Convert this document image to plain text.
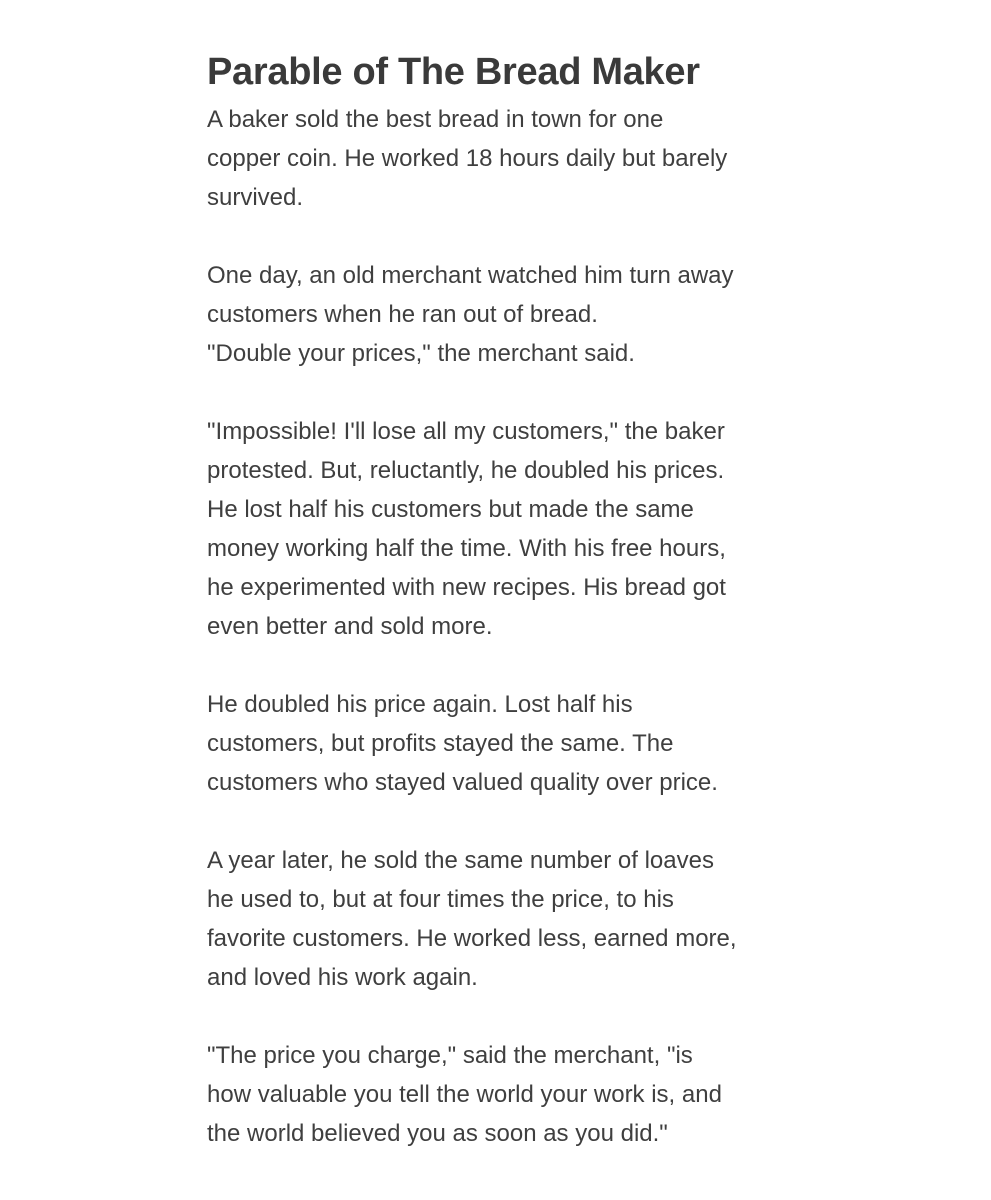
Parable of The Bread Maker

A baker sold the best bread in town for one
copper coin. He worked 18 hours daily but barely
survived.

One day, an old merchant watched him turn away
customers when he ran out of bread.
"Double your prices," the merchant said.

"Impossible! I'll lose all my customers," the baker
protested. But, reluctantly, he doubled his prices.
He lost half his customers but made the same
money working half the time. With his free hours,
he experimented with new recipes. His bread got
even better and sold more.

He doubled his price again. Lost half his
customers, but profits stayed the same. The
customers who stayed valued quality over price.

A year later, he sold the same number of loaves
he used to, but at four times the price, to his
favorite customers. He worked less, earned more,
and loved his work again.

"The price you charge," said the merchant, "is
how valuable you tell the world your work is, and
the world believed you as soon as you did."
